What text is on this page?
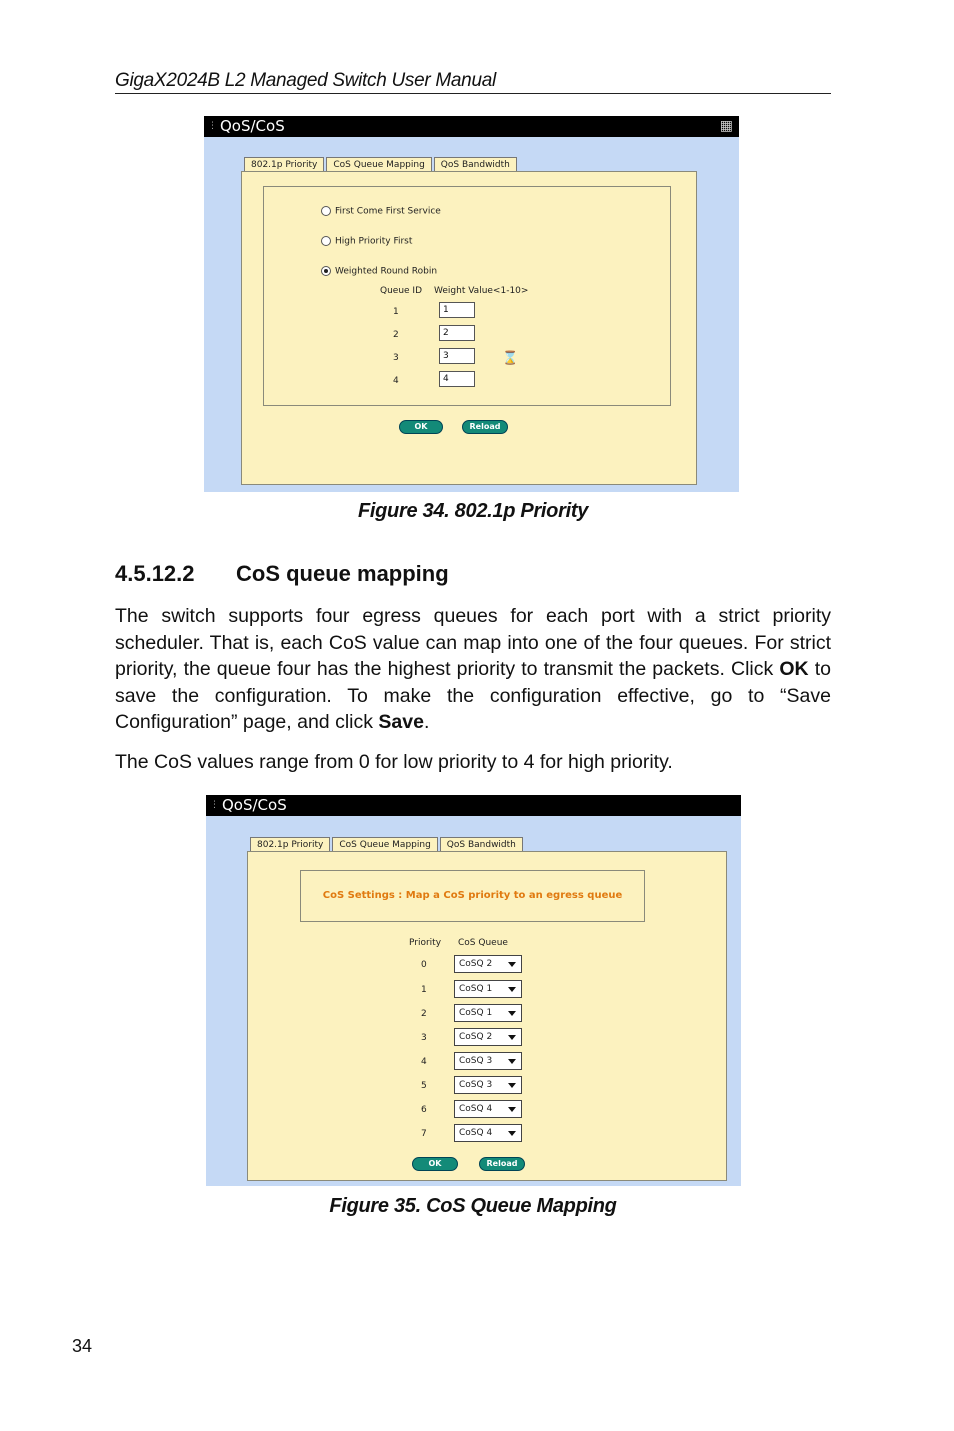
GigaX2024B L2 Managed Switch User Manual
⋮ QoS/CoS	▦
802.1p Priority	CoS Queue Mapping	QoS Bandwidth
First Come First Service
High Priority First
Weighted Round Robin
Queue ID Weight Value<1-10>
1	1
2	2
3	3
4	4
⌛
OK	Reload
Figure 34. 802.1p Priority
4.5.12.2 CoS queue mapping
The switch supports four egress queues for each port with a strict priority scheduler. That is, each CoS value can map into one of the four queues. For strict priority, the queue four has the highest priority to transmit the packets. Click OK to save the configuration. To make the configuration effective, go to “Save Configuration” page, and click Save.
The CoS values range from 0 for low priority to 4 for high priority.
⋮ QoS/CoS
802.1p Priority	CoS Queue Mapping	QoS Bandwidth
CoS Settings : Map a CoS priority to an egress queue
Priority CoS Queue
0	CoSQ 2
1	CoSQ 1
2	CoSQ 1
3	CoSQ 2
4	CoSQ 3
5	CoSQ 3
6	CoSQ 4
7	CoSQ 4
OK	Reload
Figure 35. CoS Queue Mapping
34
